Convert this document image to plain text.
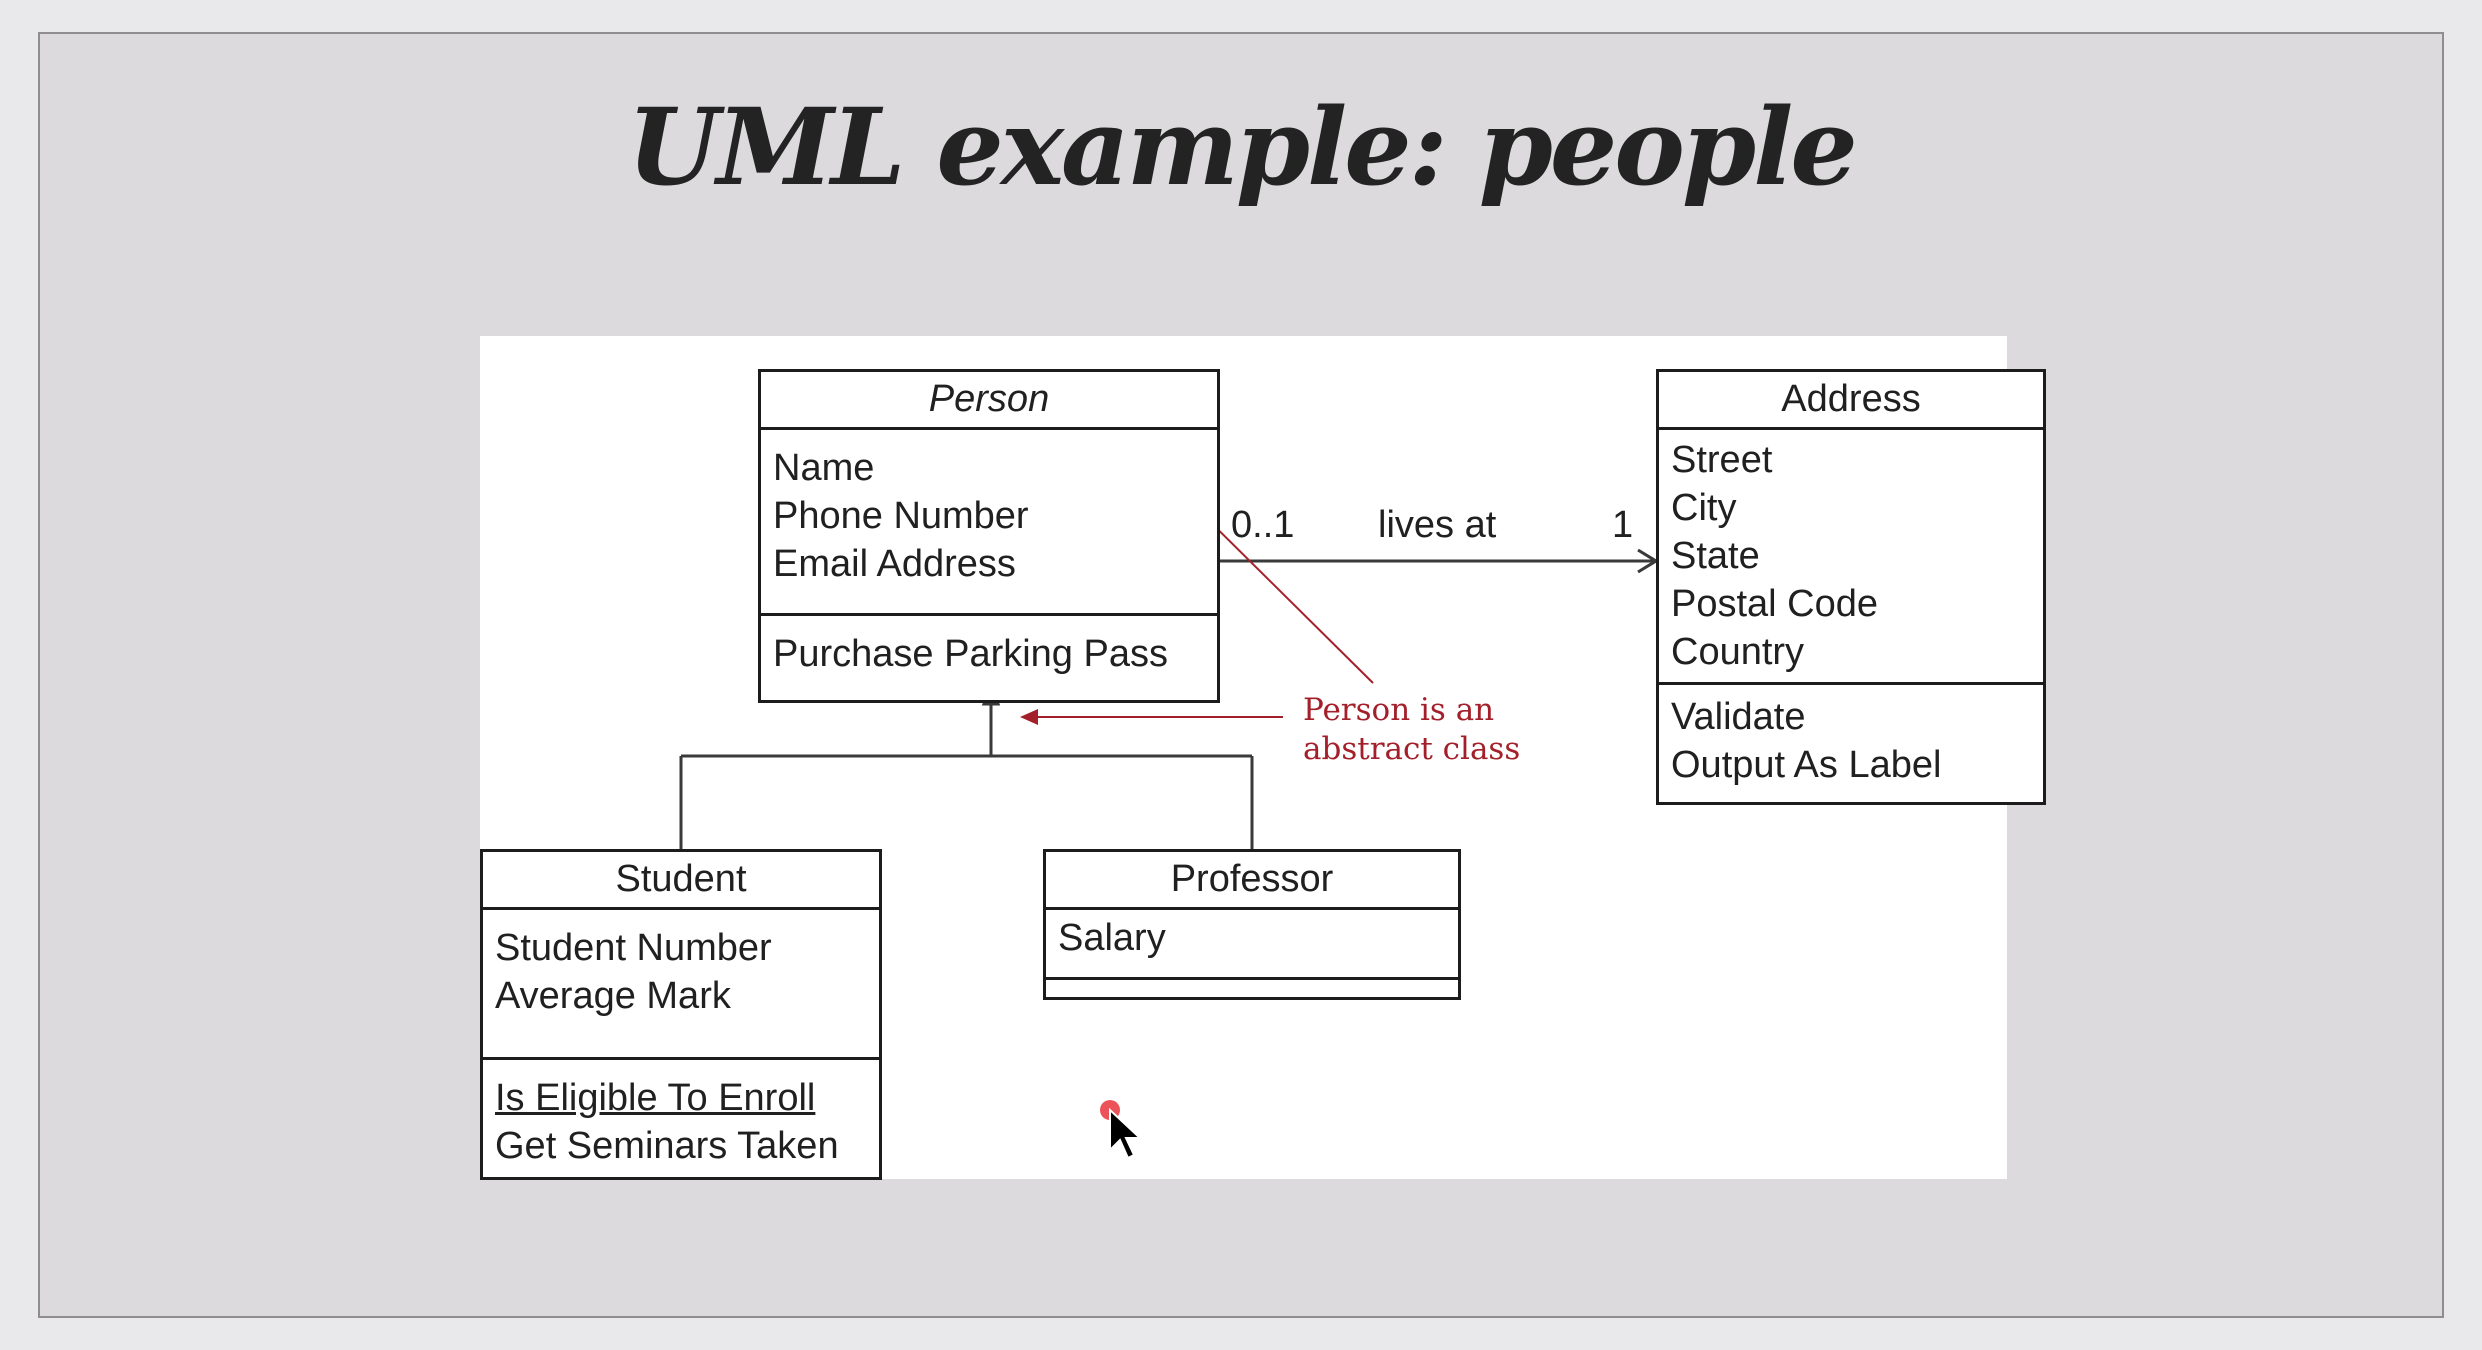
UML example: people
Person
Name
Phone Number
Email Address
Purchase Parking Pass
Address
Street
City
State
Postal Code
Country
Validate
Output As Label
Student
Student Number
Average Mark
Is Eligible To Enroll
Get Seminars Taken
Professor
Salary
0..1 lives at	1
Person is an
abstract class
